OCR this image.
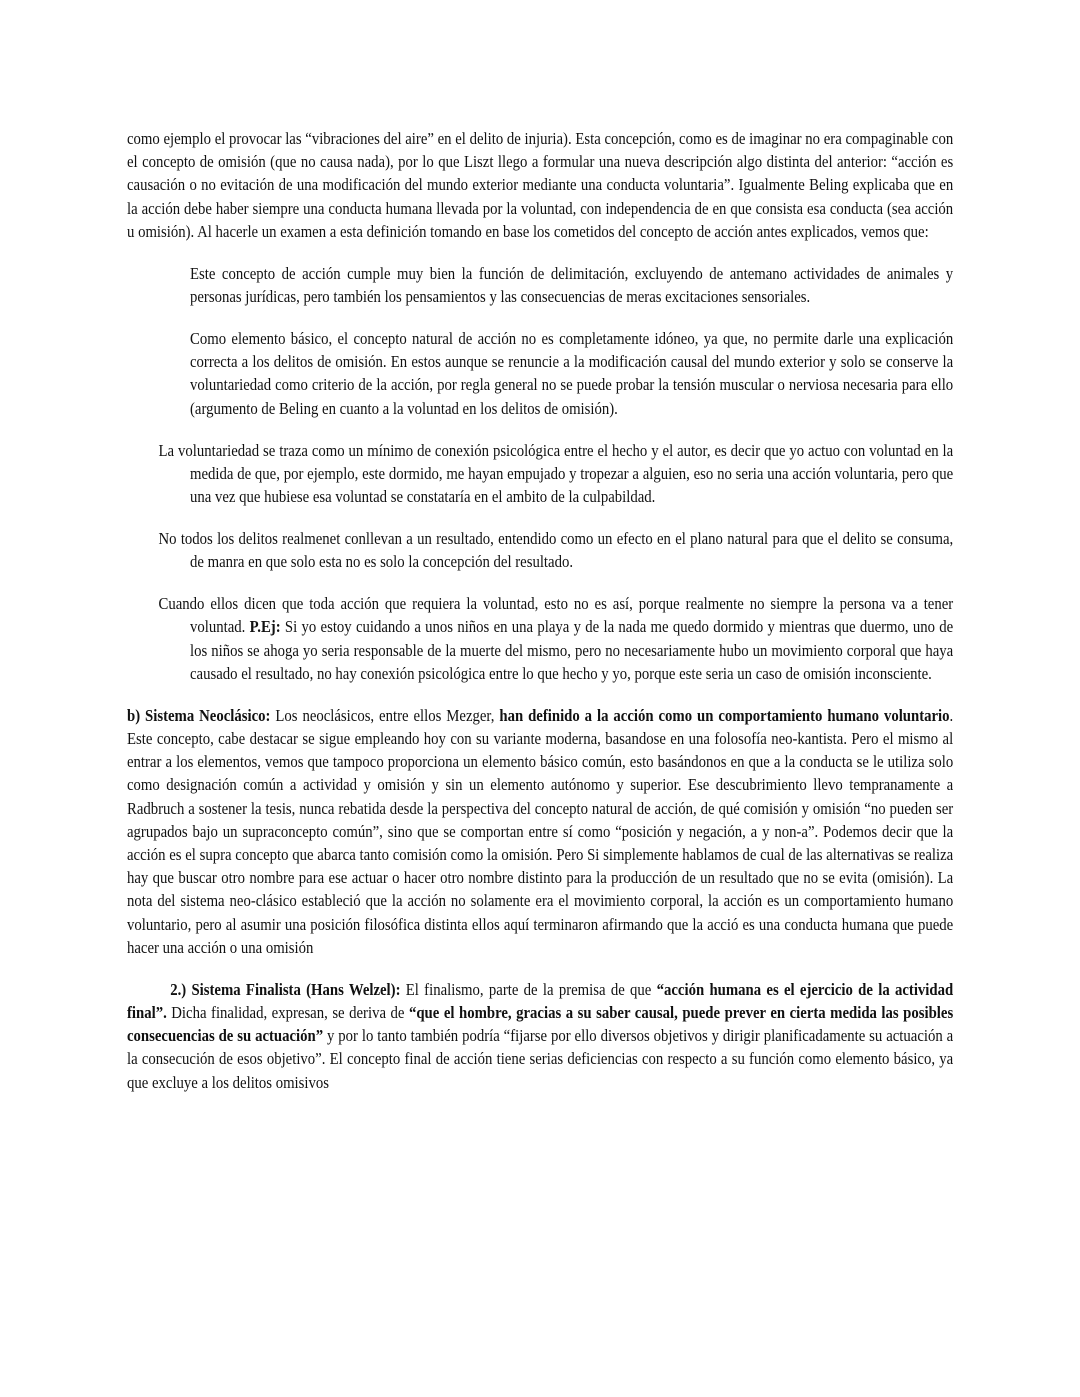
como ejemplo el provocar las “vibraciones del aire” en el delito de injuria). Esta concepción, como es de imaginar no era compaginable con el concepto de omisión (que no causa nada), por lo que Liszt llego a formular una nueva descripción algo distinta del anterior: “acción es causación o no evitación de una modificación del mundo exterior mediante una conducta voluntaria”. Igualmente Beling explicaba que en la acción debe haber siempre una conducta humana llevada por la voluntad, con independencia de en que consista esa conducta (sea acción u omisión). Al hacerle un examen a esta definición tomando en base los cometidos del concepto de acción antes explicados, vemos que:

Este concepto de acción cumple muy bien la función de delimitación, excluyendo de antemano actividades de animales y personas jurídicas, pero también los pensamientos y las consecuencias de meras excitaciones sensoriales.

Como elemento básico, el concepto natural de acción no es completamente idóneo, ya que, no permite darle una explicación correcta a los delitos de omisión. En estos aunque se renuncie a la modificación causal del mundo exterior y solo se conserve la voluntariedad como criterio de la acción, por regla general no se puede probar la tensión muscular o nerviosa necesaria para ello (argumento de Beling en cuanto a la voluntad en los delitos de omisión).

La voluntariedad se traza como un mínimo de conexión psicológica entre el hecho y el autor, es decir que yo actuo con voluntad en la medida de que, por ejemplo, este dormido, me hayan empujado y tropezar a alguien, eso no seria una acción voluntaria, pero que una vez que hubiese esa voluntad se constataría en el ambito de la culpabildad.

No todos los delitos realmenet conllevan a un resultado, entendido como un efecto en el plano natural para que el delito se consuma, de manra en que solo esta no es solo la concepción del resultado.

Cuando ellos dicen que toda acción que requiera la voluntad, esto no es así, porque realmente no siempre la persona va a tener voluntad. P.Ej: Si yo estoy cuidando a unos niños en una playa y de la nada me quedo dormido y mientras que duermo, uno de los niños se ahoga yo seria responsable de la muerte del mismo, pero no necesariamente hubo un movimiento corporal que haya causado el resultado, no hay conexión psicológica entre lo que hecho y yo, porque este seria un caso de omisión inconsciente.

b) Sistema Neoclásico: Los neoclásicos, entre ellos Mezger, han definido a la acción como un comportamiento humano voluntario. Este concepto, cabe destacar se sigue empleando hoy con su variante moderna, basandose en una folosofía neo-kantista. Pero el mismo al entrar a los elementos, vemos que tampoco proporciona un elemento básico común, esto basándonos en que a la conducta se le utiliza solo como designación común a actividad y omisión y sin un elemento autónomo y superior. Ese descubrimiento llevo tempranamente a Radbruch a sostener la tesis, nunca rebatida desde la perspectiva del concepto natural de acción, de qué comisión y omisión “no pueden ser agrupados bajo un supraconcepto común”, sino que se comportan entre sí como “posición y negación, a y non-a”. Podemos decir que la acción es el supra concepto que abarca tanto comisión como la omisión. Pero Si simplemente hablamos de cual de las alternativas se realiza hay que buscar otro nombre para ese actuar o hacer otro nombre distinto para la producción de un resultado que no se evita (omisión). La nota del sistema neo-clásico estableció que la acción no solamente era el movimiento corporal, la acción es un comportamiento humano voluntario, pero al asumir una posición filosófica distinta ellos aquí terminaron afirmando que la acció es una conducta humana que puede hacer una acción o una omisión

2.) Sistema Finalista (Hans Welzel): El finalismo, parte de la premisa de que “acción humana es el ejercicio de la actividad final”. Dicha finalidad, expresan, se deriva de “que el hombre, gracias a su saber causal, puede prever en cierta medida las posibles consecuencias de su actuación” y por lo tanto también podría “fijarse por ello diversos objetivos y dirigir planificadamente su actuación a la consecución de esos objetivo”. El concepto final de acción tiene serias deficiencias con respecto a su función como elemento básico, ya que excluye a los delitos omisivos
